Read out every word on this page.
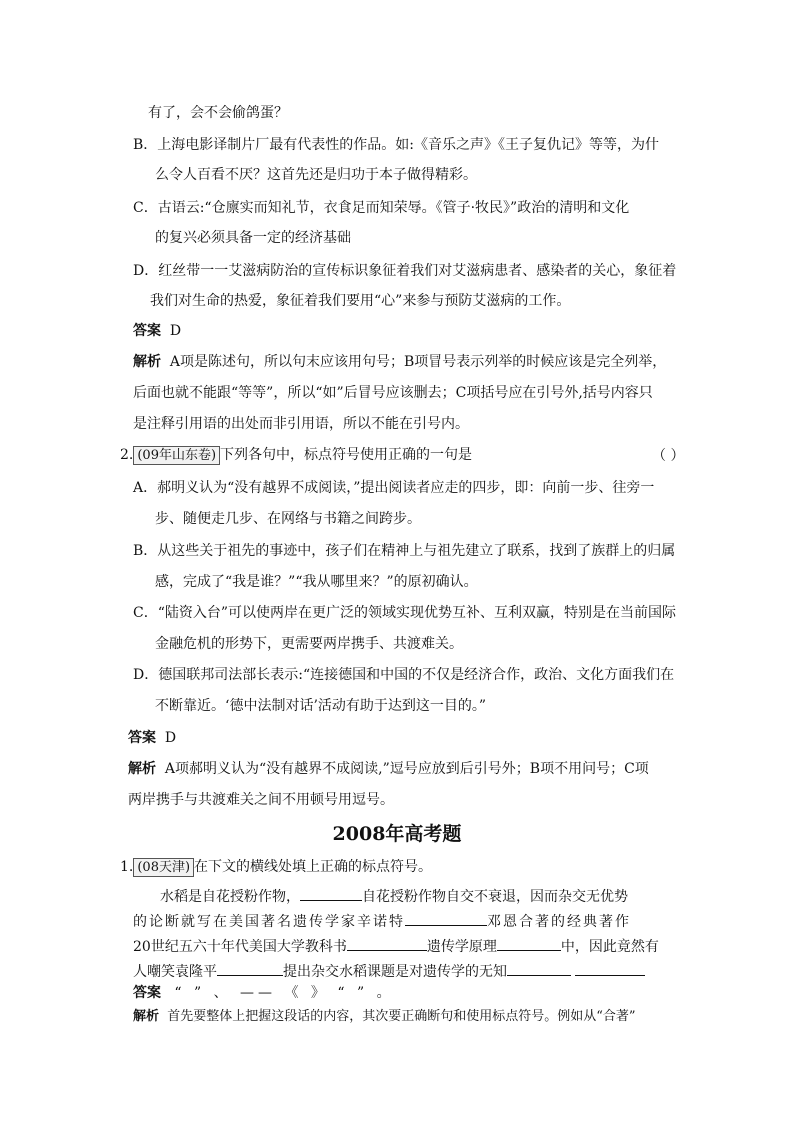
有了，会不会偷鸽蛋？
B．上海电影译制片厂最有代表性的作品。如:《音乐之声》《王子复仇记》等等，为什
么令人百看不厌？这首先还是归功于本子做得精彩。
C．古语云:“仓廪实而知礼节，衣食足而知荣辱。《管子·牧民》”政治的清明和文化
的复兴必须具备一定的经济基础
D．红丝带一一艾滋病防治的宣传标识象征着我们对艾滋病患者、感染者的关心，象征着
我们对生命的热爱，象征着我们要用“心”来参与预防艾滋病的工作。
答案 D
解析 A项是陈述句，所以句末应该用句号；B项冒号表示列举的时候应该是完全列举，
后面也就不能跟“等等”，所以“如”后冒号应该删去；C项括号应在引号外,括号内容只
是注释引用语的出处而非引用语，所以不能在引号内。
2. (09年山东卷) 下列各句中，标点符号使用正确的一句是	（ ）
A．郝明义认为“没有越界不成阅读，”提出阅读者应走的四步，即：向前一步、往旁一
步、随便走几步、在网络与书籍之间跨步。
B．从这些关于祖先的事迹中，孩子们在精神上与祖先建立了联系，找到了族群上的归属
感，完成了“我是谁？”“我从哪里来？”的原初确认。
C．“陆资入台”可以使两岸在更广泛的领域实现优势互补、互利双赢，特别是在当前国际
金融危机的形势下，更需要两岸携手、共渡难关。
D．德国联邦司法部长表示:“连接德国和中国的不仅是经济合作，政治、文化方面我们在
不断靠近。‘德中法制对话’活动有助于达到这一目的。”
答案 D
解析 A项郝明义认为“没有越界不成阅读,”逗号应放到后引号外；B项不用问号；C项
两岸携手与共渡难关之间不用顿号用逗号。
2008年高考题
1. (08天津) 在下文的横线处填上正确的标点符号。
水稻是自花授粉作物，	自花授粉作物自交不衰退，因而杂交无优势
的论断就写在美国著名遗传学家辛诺特	邓恩合著的经典著作
20世纪五六十年代美国大学教科书	遗传学原理	中，因此竟然有
人嘲笑袁隆平	提出杂交水稻课题是对遗传学的无知
答案 “ ” 、 —— 《 》 “ ” 。
解析 首先要整体上把握这段话的内容，其次要正确断句和使用标点符号。例如从“合著”
